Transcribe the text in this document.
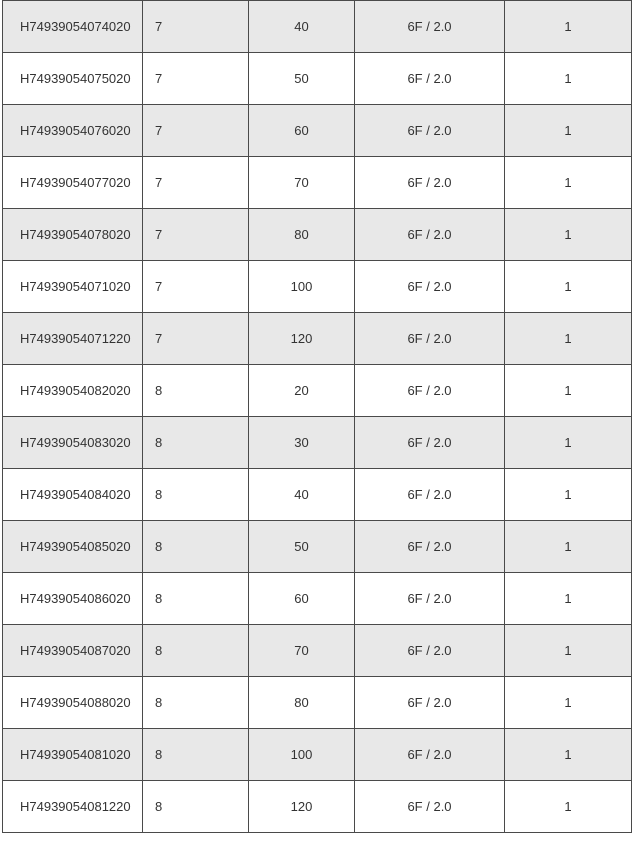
H74939054074020	7	40	6F / 2.0	1
H74939054075020	7	50	6F / 2.0	1
H74939054076020	7	60	6F / 2.0	1
H74939054077020	7	70	6F / 2.0	1
H74939054078020	7	80	6F / 2.0	1
H74939054071020	7	100	6F / 2.0	1
H74939054071220	7	120	6F / 2.0	1
H74939054082020	8	20	6F / 2.0	1
H74939054083020	8	30	6F / 2.0	1
H74939054084020	8	40	6F / 2.0	1
H74939054085020	8	50	6F / 2.0	1
H74939054086020	8	60	6F / 2.0	1
H74939054087020	8	70	6F / 2.0	1
H74939054088020	8	80	6F / 2.0	1
H74939054081020	8	100	6F / 2.0	1
H74939054081220	8	120	6F / 2.0	1
